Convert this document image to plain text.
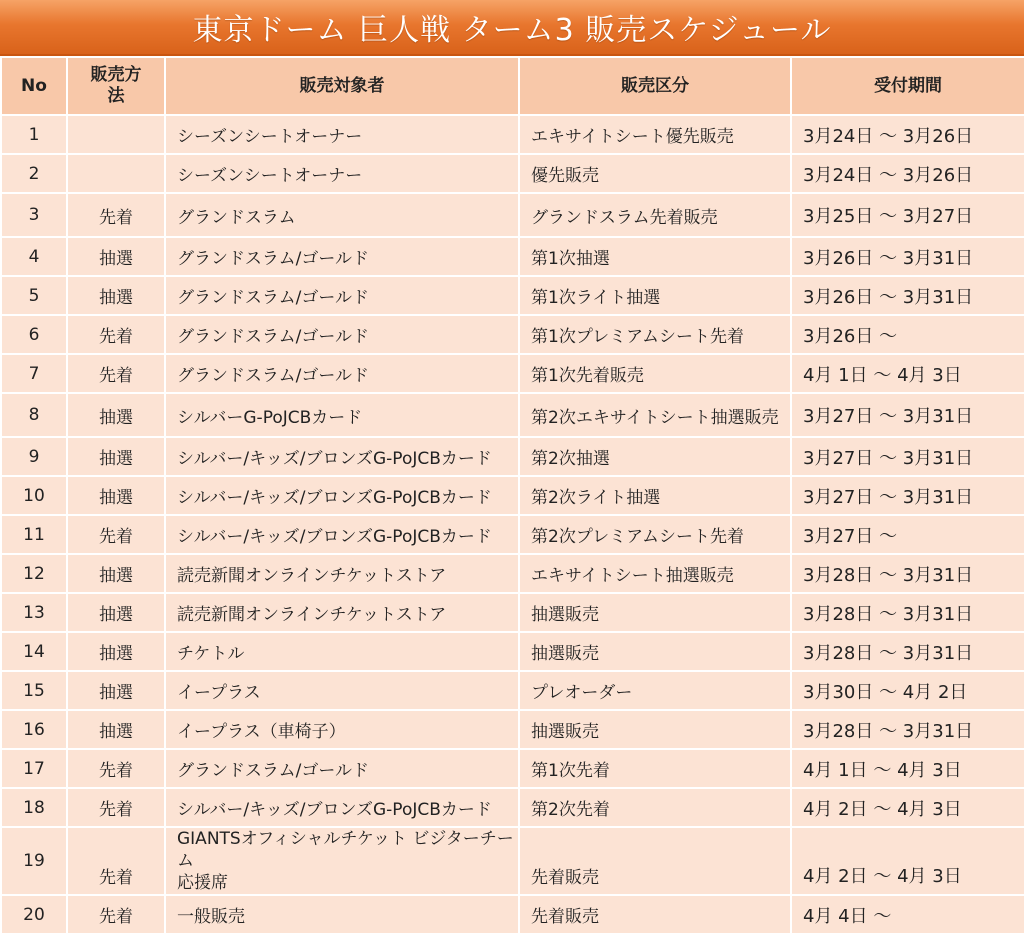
東京ドーム 巨人戦 ターム3 販売スケジュール
No	販売方法	販売対象者	販売区分	受付期間
1		シーズンシートオーナー	エキサイトシート優先販売	3月24日 ～ 3月26日
2		シーズンシートオーナー	優先販売	3月24日 ～ 3月26日
3	先着	グランドスラム	グランドスラム先着販売	3月25日 ～ 3月27日
4	抽選	グランドスラム/ゴールド	第1次抽選	3月26日 ～ 3月31日
5	抽選	グランドスラム/ゴールド	第1次ライト抽選	3月26日 ～ 3月31日
6	先着	グランドスラム/ゴールド	第1次プレミアムシート先着	3月26日 ～
7	先着	グランドスラム/ゴールド	第1次先着販売	4月 1日 ～ 4月 3日
8	抽選	シルバーG-PoJCBカード	第2次エキサイトシート抽選販売	3月27日 ～ 3月31日
9	抽選	シルバー/キッズ/ブロンズG-PoJCBカード	第2次抽選	3月27日 ～ 3月31日
10	抽選	シルバー/キッズ/ブロンズG-PoJCBカード	第2次ライト抽選	3月27日 ～ 3月31日
11	先着	シルバー/キッズ/ブロンズG-PoJCBカード	第2次プレミアムシート先着	3月27日 ～
12	抽選	読売新聞オンラインチケットストア	エキサイトシート抽選販売	3月28日 ～ 3月31日
13	抽選	読売新聞オンラインチケットストア	抽選販売	3月28日 ～ 3月31日
14	抽選	チケトル	抽選販売	3月28日 ～ 3月31日
15	抽選	イープラス	プレオーダー	3月30日 ～ 4月 2日
16	抽選	イープラス（車椅子）	抽選販売	3月28日 ～ 3月31日
17	先着	グランドスラム/ゴールド	第1次先着	4月 1日 ～ 4月 3日
18	先着	シルバー/キッズ/ブロンズG-PoJCBカード	第2次先着	4月 2日 ～ 4月 3日
19	先着	GIANTSオフィシャルチケット ビジターチーム
応援席	先着販売	4月 2日 ～ 4月 3日
20	先着	一般販売	先着販売	4月 4日 ～
